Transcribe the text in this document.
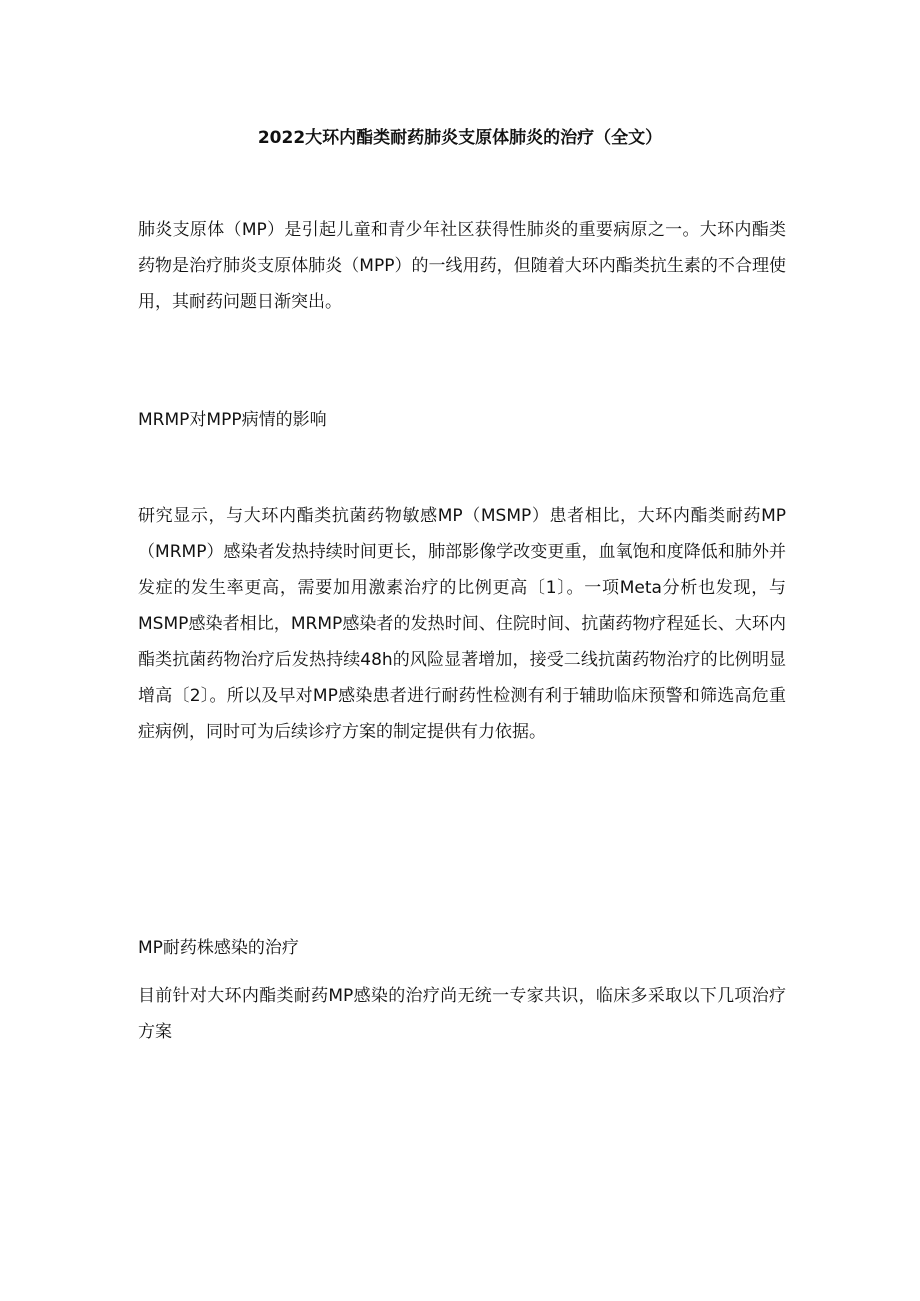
2022大环内酯类耐药肺炎支原体肺炎的治疗（全文）

肺炎支原体（MP）是引起儿童和青少年社区获得性肺炎的重要病原之一。大环内酯类药物是治疗肺炎支原体肺炎（MPP）的一线用药，但随着大环内酯类抗生素的不合理使用，其耐药问题日渐突出。

MRMP对MPP病情的影响

研究显示，与大环内酯类抗菌药物敏感MP（MSMP）患者相比，大环内酯类耐药MP（MRMP）感染者发热持续时间更长，肺部影像学改变更重，血氧饱和度降低和肺外并发症的发生率更高，需要加用激素治疗的比例更高〔1〕。一项Meta分析也发现，与MSMP感染者相比，MRMP感染者的发热时间、住院时间、抗菌药物疗程延长、大环内酯类抗菌药物治疗后发热持续48h的风险显著增加，接受二线抗菌药物治疗的比例明显增高〔2〕。所以及早对MP感染患者进行耐药性检测有利于辅助临床预警和筛选高危重症病例，同时可为后续诊疗方案的制定提供有力依据。

MP耐药株感染的治疗

目前针对大环内酯类耐药MP感染的治疗尚无统一专家共识，临床多采取以下几项治疗方案
